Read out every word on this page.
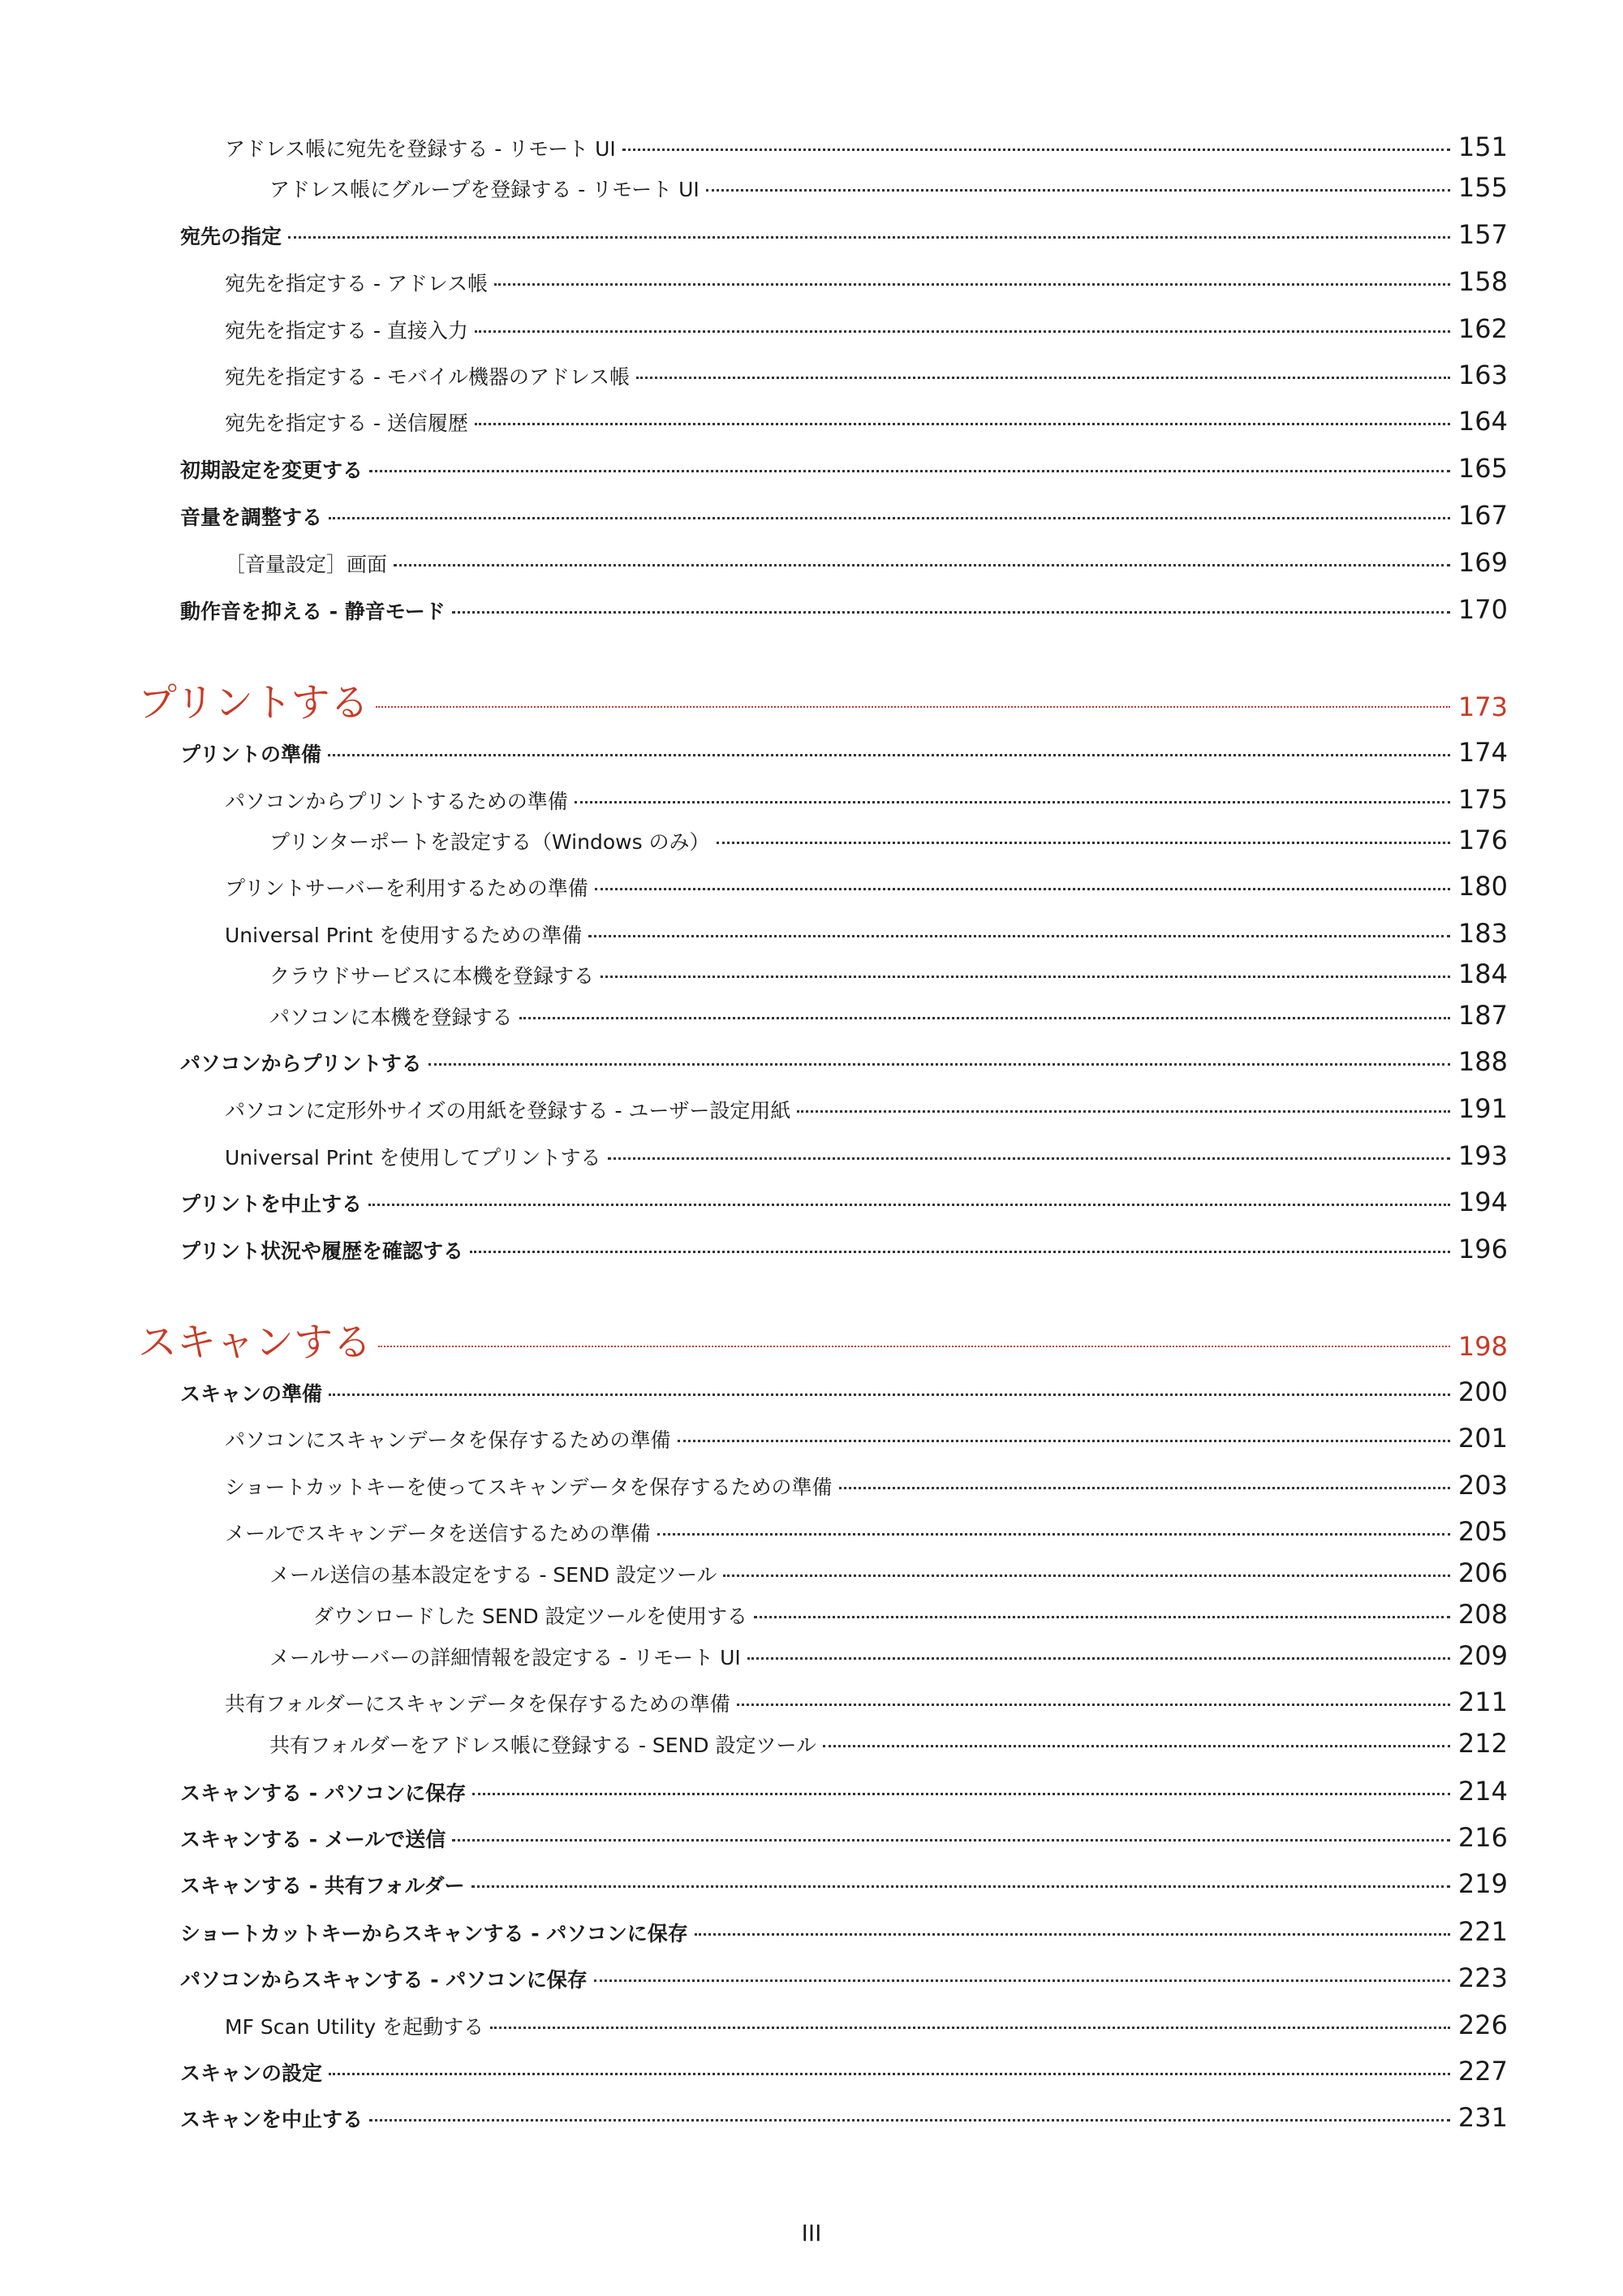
アドレス帳に宛先を登録する - リモート UI	151
アドレス帳にグループを登録する - リモート UI	155
宛先の指定	157
宛先を指定する - アドレス帳	158
宛先を指定する - 直接入力	162
宛先を指定する - モバイル機器のアドレス帳	163
宛先を指定する - 送信履歴	164
初期設定を変更する	165
音量を調整する	167
［音量設定］画面	169
動作音を抑える - 静音モード	170
プリントする	173
プリントの準備	174
パソコンからプリントするための準備	175
プリンターポートを設定する（Windows のみ）	176
プリントサーバーを利用するための準備	180
Universal Print を使用するための準備	183
クラウドサービスに本機を登録する	184
パソコンに本機を登録する	187
パソコンからプリントする	188
パソコンに定形外サイズの用紙を登録する - ユーザー設定用紙	191
Universal Print を使用してプリントする	193
プリントを中止する	194
プリント状況や履歴を確認する	196
スキャンする	198
スキャンの準備	200
パソコンにスキャンデータを保存するための準備	201
ショートカットキーを使ってスキャンデータを保存するための準備	203
メールでスキャンデータを送信するための準備	205
メール送信の基本設定をする - SEND 設定ツール	206
ダウンロードした SEND 設定ツールを使用する	208
メールサーバーの詳細情報を設定する - リモート UI	209
共有フォルダーにスキャンデータを保存するための準備	211
共有フォルダーをアドレス帳に登録する - SEND 設定ツール	212
スキャンする - パソコンに保存	214
スキャンする - メールで送信	216
スキャンする - 共有フォルダー	219
ショートカットキーからスキャンする - パソコンに保存	221
パソコンからスキャンする - パソコンに保存	223
MF Scan Utility を起動する	226
スキャンの設定	227
スキャンを中止する	231
III
